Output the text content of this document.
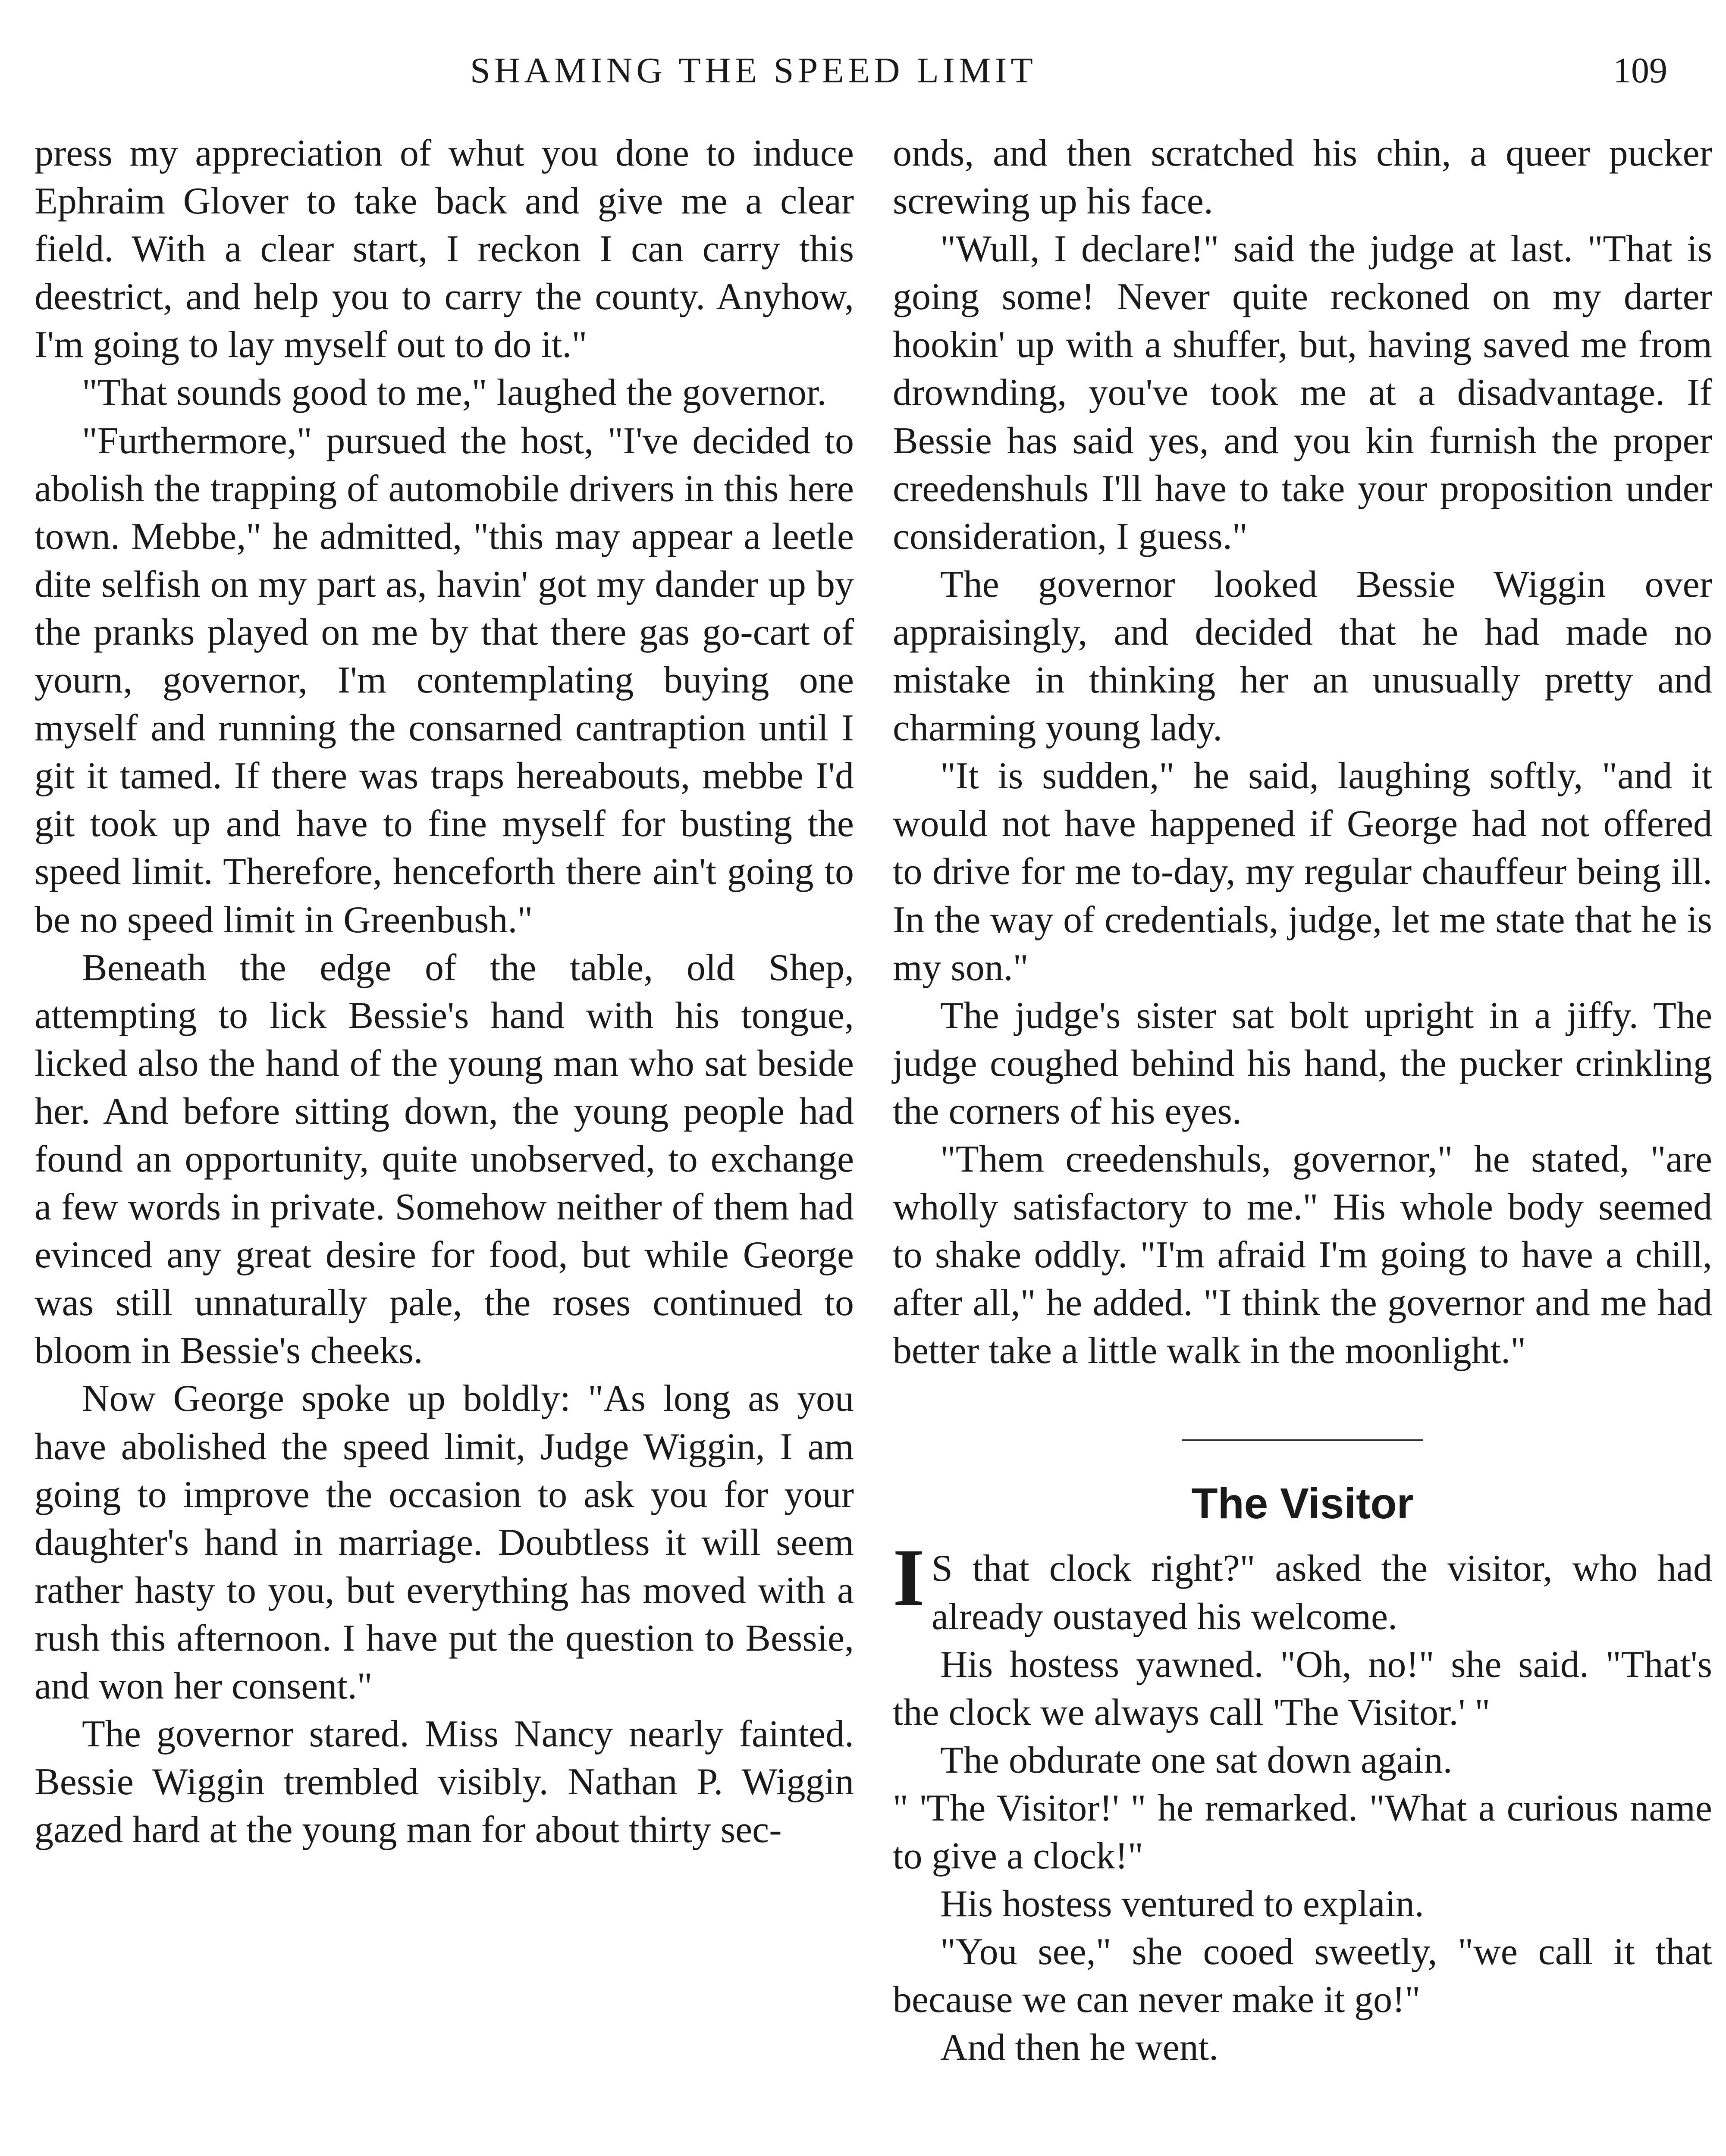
SHAMING THE SPEED LIMIT	109

press my appreciation of whut you done to induce Ephraim Glover to take back and give me a clear field. With a clear start, I reckon I can carry this deestrict, and help you to carry the county. Anyhow, I'm going to lay myself out to do it."

"That sounds good to me," laughed the governor.

"Furthermore," pursued the host, "I've decided to abolish the trapping of automobile drivers in this here town. Mebbe," he admitted, "this may appear a leetle dite selfish on my part as, havin' got my dander up by the pranks played on me by that there gas go-cart of yourn, governor, I'm contemplating buying one myself and running the consarned cantraption until I git it tamed. If there was traps hereabouts, mebbe I'd git took up and have to fine myself for busting the speed limit. Therefore, henceforth there ain't going to be no speed limit in Greenbush."

Beneath the edge of the table, old Shep, attempting to lick Bessie's hand with his tongue, licked also the hand of the young man who sat beside her. And before sitting down, the young people had found an opportunity, quite unobserved, to exchange a few words in private. Somehow neither of them had evinced any great desire for food, but while George was still unnaturally pale, the roses continued to bloom in Bessie's cheeks.

Now George spoke up boldly: "As long as you have abolished the speed limit, Judge Wiggin, I am going to improve the occasion to ask you for your daughter's hand in marriage. Doubtless it will seem rather hasty to you, but everything has moved with a rush this afternoon. I have put the question to Bessie, and won her consent."

The governor stared. Miss Nancy nearly fainted. Bessie Wiggin trembled visibly. Nathan P. Wiggin gazed hard at the young man for about thirty sec-

onds, and then scratched his chin, a queer pucker screwing up his face.

"Wull, I declare!" said the judge at last. "That is going some! Never quite reckoned on my darter hookin' up with a shuffer, but, having saved me from drownding, you've took me at a disadvantage. If Bessie has said yes, and you kin furnish the proper creedenshuls I'll have to take your proposition under consideration, I guess."

The governor looked Bessie Wiggin over appraisingly, and decided that he had made no mistake in thinking her an unusually pretty and charming young lady.

"It is sudden," he said, laughing softly, "and it would not have happened if George had not offered to drive for me to-day, my regular chauffeur being ill. In the way of credentials, judge, let me state that he is my son."

The judge's sister sat bolt upright in a jiffy. The judge coughed behind his hand, the pucker crinkling the corners of his eyes.

"Them creedenshuls, governor," he stated, "are wholly satisfactory to me." His whole body seemed to shake oddly. "I'm afraid I'm going to have a chill, after all," he added. "I think the governor and me had better take a little walk in the moonlight."

The Visitor

I S that clock right?" asked the visitor, who had already oustayed his welcome.

His hostess yawned. "Oh, no!" she said. "That's the clock we always call 'The Visitor.' "

The obdurate one sat down again.

" 'The Visitor!' " he remarked. "What a curious name to give a clock!"

His hostess ventured to explain.

"You see," she cooed sweetly, "we call it that because we can never make it go!"

And then he went.
